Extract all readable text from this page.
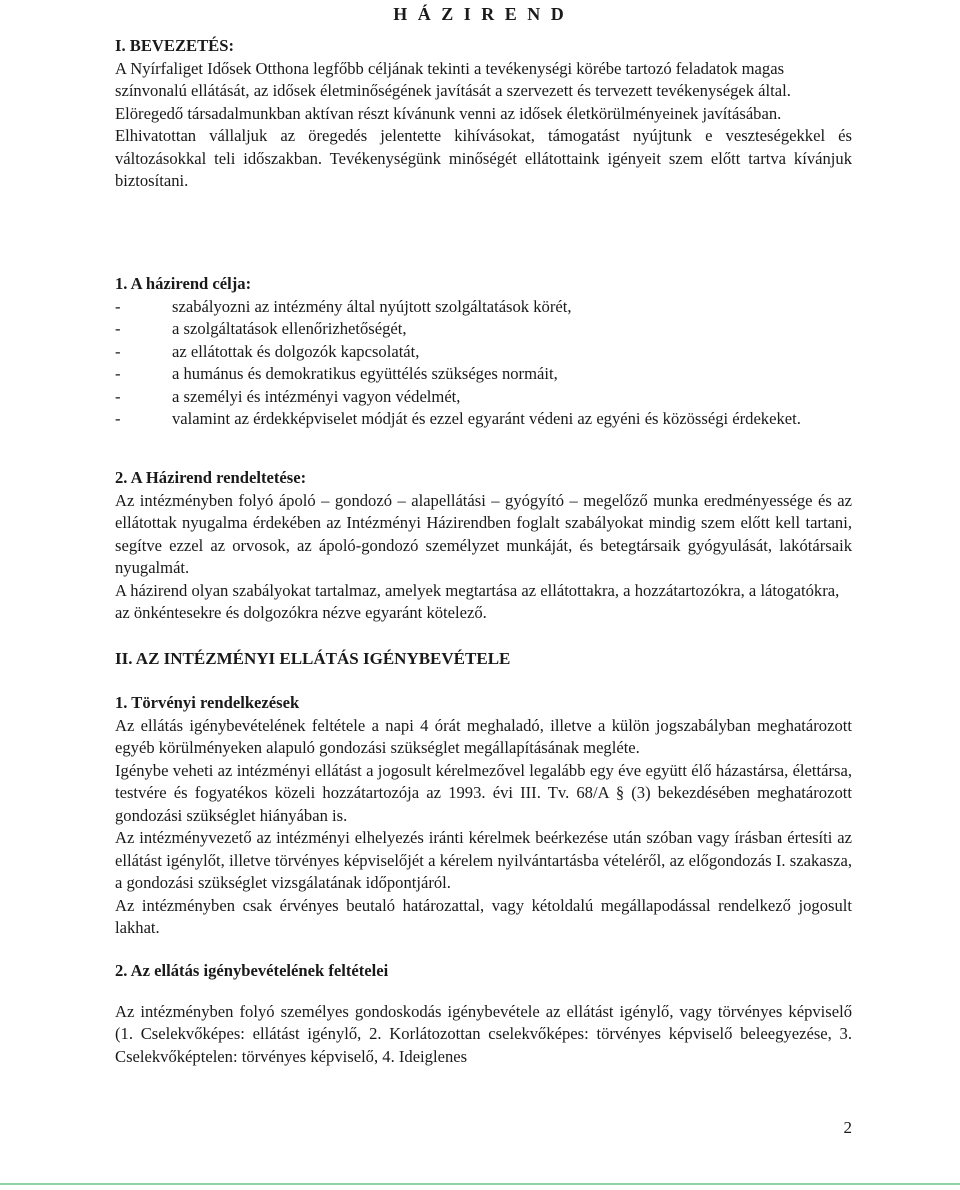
H Á Z I R E N D

I. BEVEZETÉS:

A Nyírfaliget Idősek Otthona legfőbb céljának tekinti a tevékenységi körébe tartozó feladatok magas színvonalú ellátását, az idősek életminőségének javítását a szervezett és tervezett tevékenységek által.

Elöregedő társadalmunkban aktívan részt kívánunk venni az idősek életkörülményeinek javításában.

Elhivatottan vállaljuk az öregedés jelentette kihívásokat, támogatást nyújtunk e veszteségekkel és változásokkal teli időszakban. Tevékenységünk minőségét ellátottaink igényeit szem előtt tartva kívánjuk biztosítani.

1. A házirend célja:

-	szabályozni az intézmény által nyújtott szolgáltatások körét,
-	a szolgáltatások ellenőrizhetőségét,
-	az ellátottak és dolgozók kapcsolatát,
-	a humánus és demokratikus együttélés szükséges normáit,
-	a személyi és intézményi vagyon védelmét,
-	valamint az érdekképviselet módját és ezzel egyaránt védeni az egyéni és közösségi érdekeket.

2. A Házirend rendeltetése:

Az intézményben folyó ápoló – gondozó – alapellátási – gyógyító – megelőző munka eredményessége és az ellátottak nyugalma érdekében az Intézményi Házirendben foglalt szabályokat mindig szem előtt kell tartani, segítve ezzel az orvosok, az ápoló-gondozó személyzet munkáját, és betegtársaik gyógyulását, lakótársaik nyugalmát.

A házirend olyan szabályokat tartalmaz, amelyek megtartása az ellátottakra, a hozzátartozókra, a látogatókra, az önkéntesekre és dolgozókra nézve egyaránt kötelező.

II. AZ INTÉZMÉNYI ELLÁTÁS IGÉNYBEVÉTELE

1. Törvényi rendelkezések

Az ellátás igénybevételének feltétele a napi 4 órát meghaladó, illetve a külön jogszabályban meghatározott egyéb körülményeken alapuló gondozási szükséglet megállapításának megléte.

Igénybe veheti az intézményi ellátást a jogosult kérelmezővel legalább egy éve együtt élő házastársa, élettársa, testvére és fogyatékos közeli hozzátartozója az 1993. évi III. Tv. 68/A § (3) bekezdésében meghatározott gondozási szükséglet hiányában is.

Az intézményvezető az intézményi elhelyezés iránti kérelmek beérkezése után szóban vagy írásban értesíti az ellátást igénylőt, illetve törvényes képviselőjét a kérelem nyilvántartásba vételéről, az előgondozás I. szakasza, a gondozási szükséglet vizsgálatának időpontjáról.

Az intézményben csak érvényes beutaló határozattal, vagy kétoldalú megállapodással rendelkező jogosult lakhat.

2. Az ellátás igénybevételének feltételei

Az intézményben folyó személyes gondoskodás igénybevétele az ellátást igénylő, vagy törvényes képviselő (1. Cselekvőképes: ellátást igénylő, 2. Korlátozottan cselekvőképes: törvényes képviselő beleegyezése, 3. Cselekvőképtelen: törvényes képviselő, 4. Ideiglenes

2
